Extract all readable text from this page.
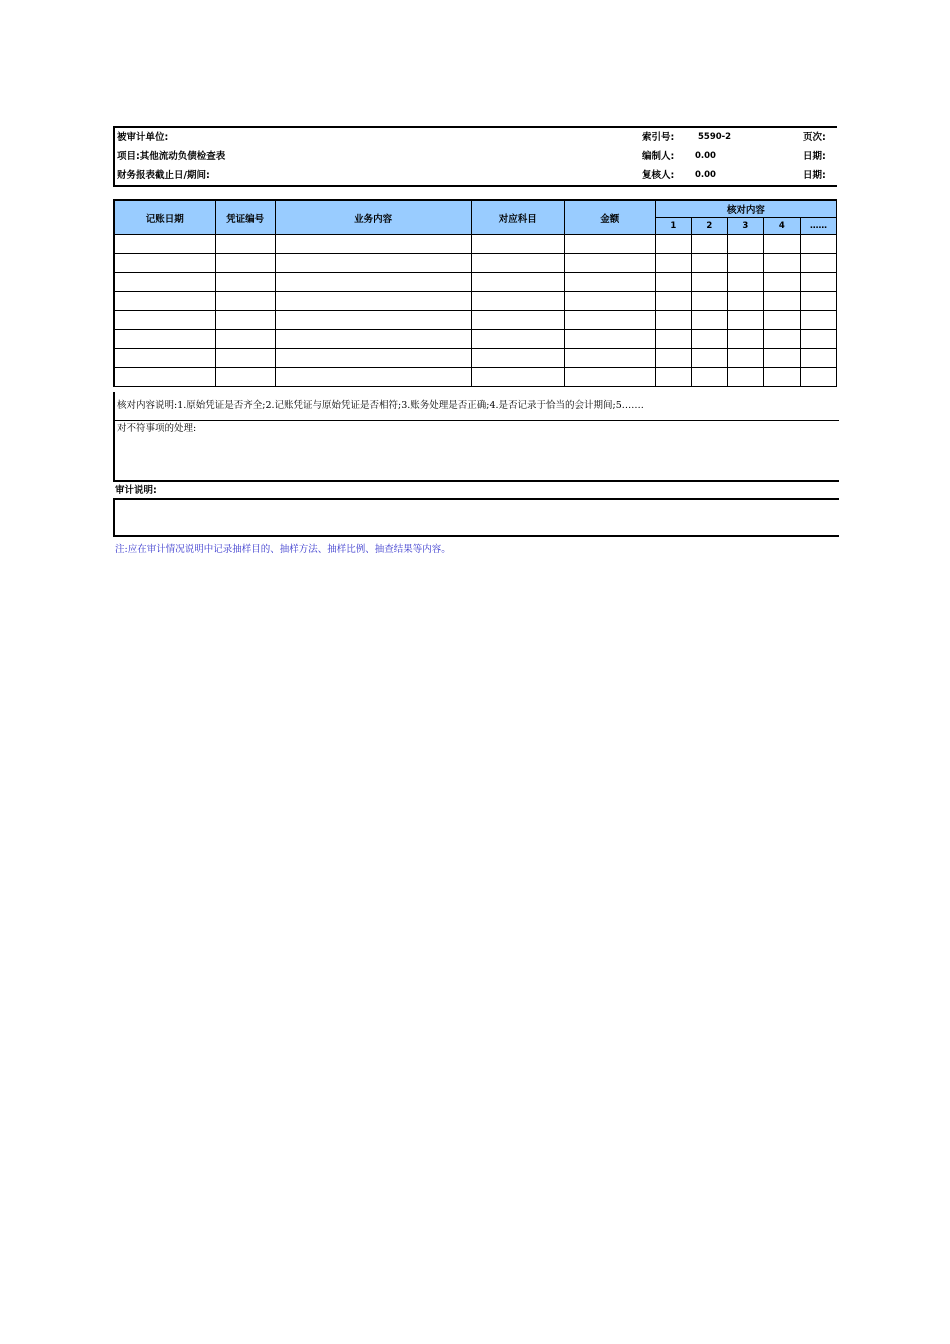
被审计单位:	索引号:	5590-2	页次:
项目:其他流动负债检查表	编制人: 0.00	日期:
财务报表截止日/期间:	复核人: 0.00	日期:
记账日期	凭证编号	业务内容	对应科目	金额	核对内容				
					1	2	3	4	……

核对内容说明:1.原始凭证是否齐全;2.记账凭证与原始凭证是否相符;3.账务处理是否正确;4.是否记录于恰当的会计期间;5.……
对不符事项的处理:
审计说明:
注:应在审计情况说明中记录抽样目的、抽样方法、抽样比例、抽查结果等内容。
